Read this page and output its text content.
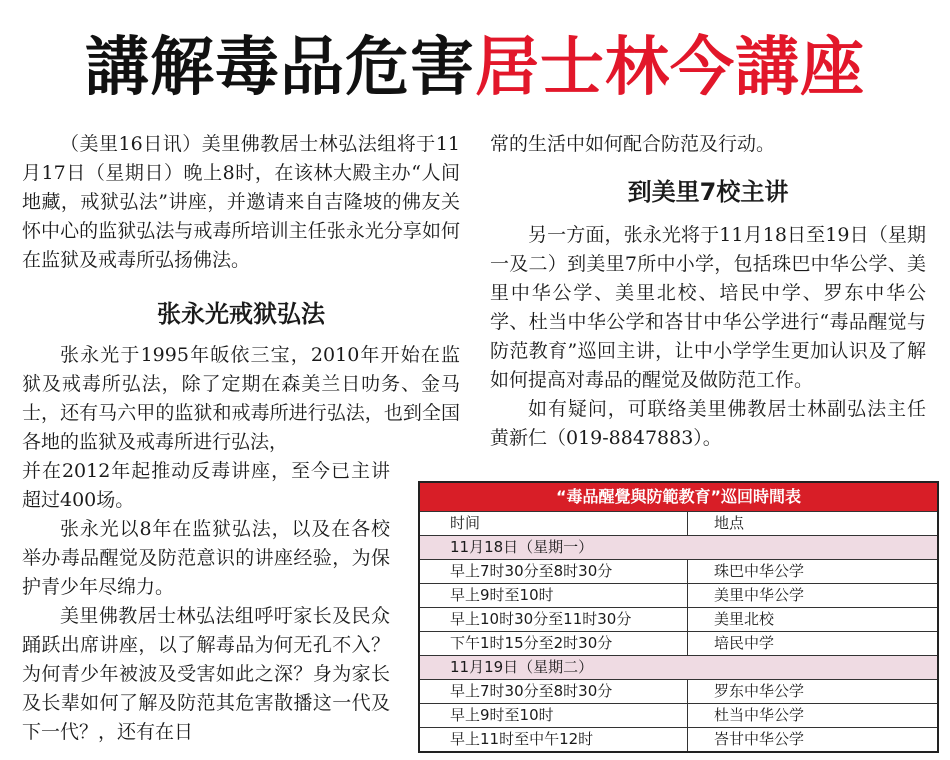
講解毒品危害居士林今講座

（美里16日讯）美里佛教居士林弘法组将于11月17日（星期日）晚上8时，在该林大殿主办“人间地藏，戒狱弘法”讲座，并邀请来自吉隆坡的佛友关怀中心的监狱弘法与戒毒所培训主任张永光分享如何在监狱及戒毒所弘扬佛法。

张永光戒狱弘法

张永光于1995年皈依三宝，2010年开始在监狱及戒毒所弘法，除了定期在森美兰日叻务、金马士，还有马六甲的监狱和戒毒所进行弘法，也到全国各地的监狱及戒毒所进行弘法，

并在2012年起推动反毒讲座，至今已主讲超过400场。

张永光以8年在监狱弘法，以及在各校举办毒品醒觉及防范意识的讲座经验，为保护青少年尽绵力。

美里佛教居士林弘法组呼吁家长及民众踊跃出席讲座，以了解毒品为何无孔不入？为何青少年被波及受害如此之深？身为家长及长辈如何了解及防范其危害散播这一代及下一代？，还有在日

常的生活中如何配合防范及行动。

到美里7校主讲

另一方面，张永光将于11月18日至19日（星期一及二）到美里7所中小学，包括珠巴中华公学、美里中华公学、美里北校、培民中学、罗东中华公学、杜当中华公学和峇甘中华公学进行“毒品醒觉与防范教育”巡回主讲，让中小学学生更加认识及了解如何提高对毒品的醒觉及做防范工作。

如有疑问，可联络美里佛教居士林副弘法主任黄新仁（019-8847883）。

“毒品醒覺與防範教育”巡回時間表
时间	地点
11月18日（星期一）
早上7时30分至8时30分	珠巴中华公学
早上9时至10时	美里中华公学
早上10时30分至11时30分	美里北校
下午1时15分至2时30分	培民中学
11月19日（星期二）
早上7时30分至8时30分	罗东中华公学
早上9时至10时	杜当中华公学
早上11时至中午12时	峇甘中华公学
